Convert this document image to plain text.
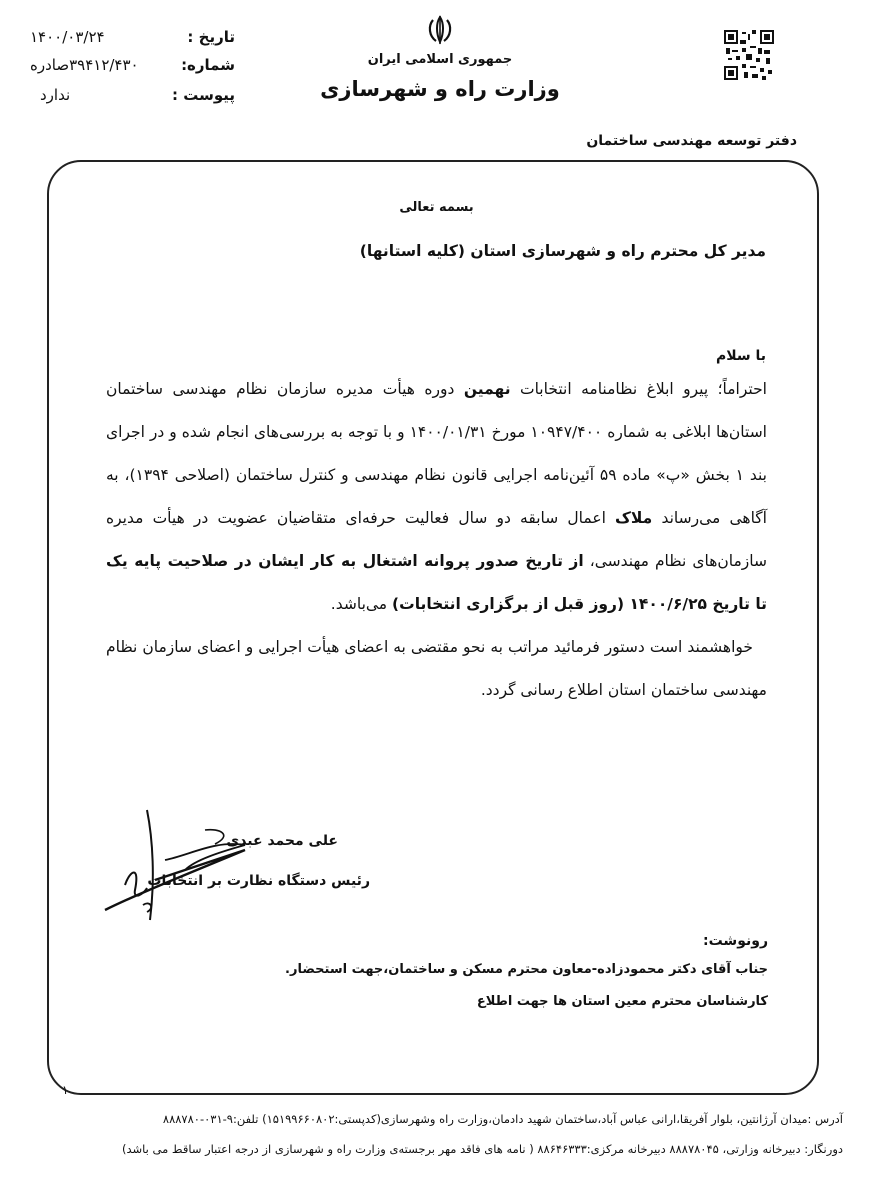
تاریخ :
۱۴۰۰/۰۳/۲۴
شماره:
۳۹۴۱۲/۴۳۰صادره
پیوست :
ندارد
جمهوری اسلامی ایران
وزارت راه و شهرسازی
دفتر توسعه مهندسی ساختمان
بسمه تعالی
مدیر کل محترم راه و شهرسازی استان (کلیه استانها)
با سلام

احتراماً؛ پیرو ابلاغ نظامنامه انتخابات نهمین دوره هیأت مدیره سازمان نظام مهندسی ساختمان استان‌ها ابلاغی به شماره ۱۰۹۴۷/۴۰۰ مورخ ۱۴۰۰/۰۱/۳۱ و با توجه به بررسی‌های انجام شده و در اجرای بند ۱ بخش «پ» ماده ۵۹ آئین‌نامه اجرایی قانون نظام مهندسی و کنترل ساختمان (اصلاحی ۱۳۹۴)، به آگاهی می‌رساند ملاک اعمال سابقه دو سال فعالیت حرفه‌ای متقاضیان عضویت در هیأت مدیره سازمان‌های نظام مهندسی، از تاریخ صدور پروانه اشتغال به کار ایشان در صلاحیت پایه یک تا تاریخ ۱۴۰۰/۶/۲۵ (روز قبل از برگزاری انتخابات) می‌باشد.

خواهشمند است دستور فرمائید مراتب به نحو مقتضی به اعضای هیأت اجرایی و اعضای سازمان نظام مهندسی ساختمان استان اطلاع رسانی گردد.

علی محمد عبدی
رئیس دستگاه نظارت بر انتخابات
رونوشت:
جناب آقای دکتر محمودزاده-معاون محترم مسکن و ساختمان،جهت استحضار.
کارشناسان محترم معین استان ها جهت اطلاع
۱
آدرس :میدان آرژانتین، بلوار آفریقا،ارانی عباس آباد،ساختمان شهید دادمان،وزارت راه وشهرسازی(کدپستی:۱۵۱۹۹۶۶۰۸۰۲) تلفن:۹-۰۳۱-۸۸۸۷۸۰
دورنگار: دبیرخانه وزارتی، ۸۸۸۷۸۰۴۵ دبیرخانه مرکزی:۸۸۶۴۶۳۳۳ ( نامه های فاقد مهر برجسته‌ی وزارت راه و شهرسازی از درجه اعتبار ساقط می باشد)
